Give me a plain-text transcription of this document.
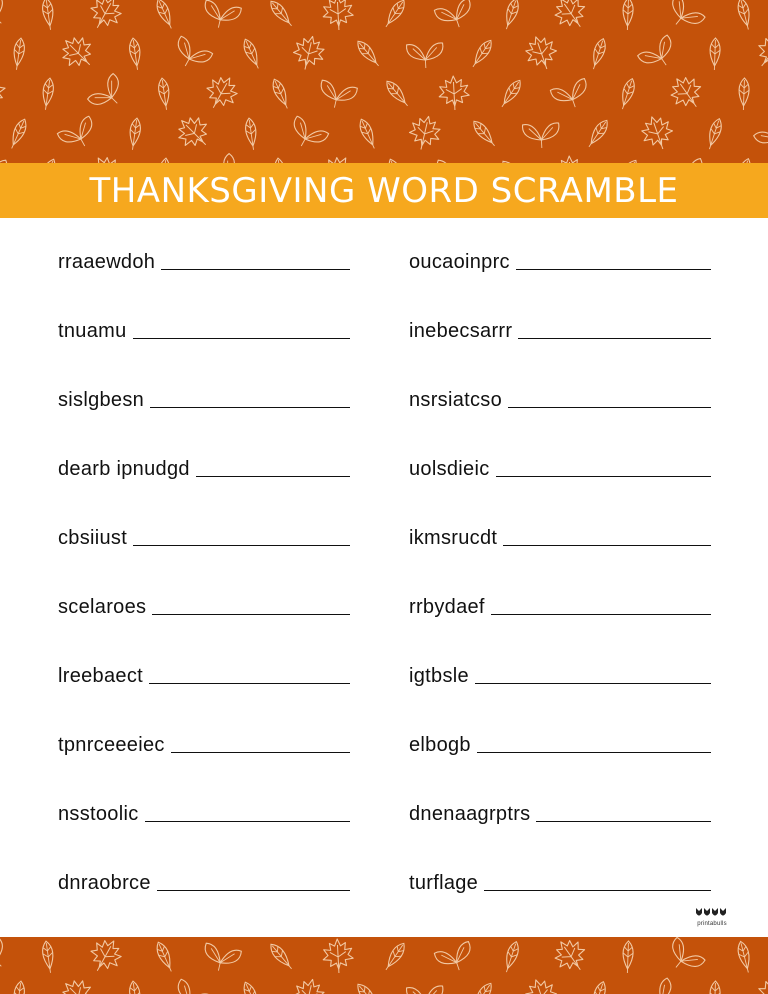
THANKSGIVING WORD SCRAMBLE
rraaewdoh
tnuamu
sislgbesn
dearb ipnudgd
cbsiiust
scelaroes
lreebaect
tpnrceeeiec
nsstoolic
dnraobrce
oucaoinprc
inebecsarrr
nsrsiatcso
uolsdieic
ikmsrucdt
rrbydaef
igtbsle
elbogb
dnenaagrptrs
turflage
printabulls
